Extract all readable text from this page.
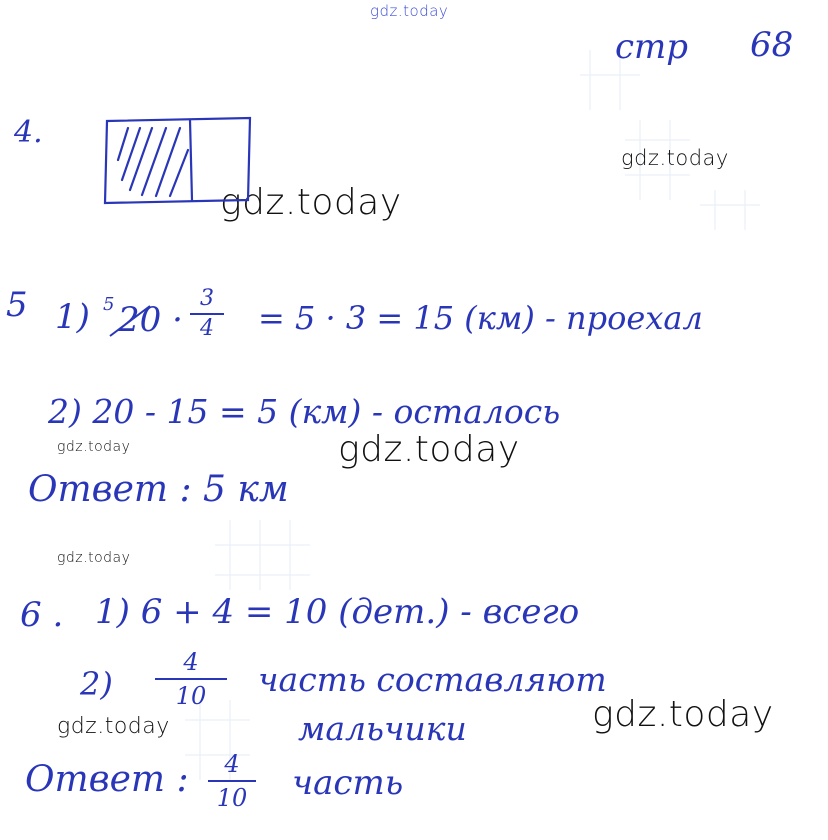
gdz.today
gdz.today
gdz.today
gdz.today	gdz.today
gdz.today
gdz.today	gdz.today
стр 68
4.
5 1) 5 20 ·
3
4 = 5 · 3 = 15 (км) - проехал
2) 20 - 15 = 5 (км) - осталось
Ответ : 5 км
6 . 1) 6 + 4 = 10 (дет.) - всего
2)
4
10 часть составляют
мальчики
Ответ : 4
10 часть
